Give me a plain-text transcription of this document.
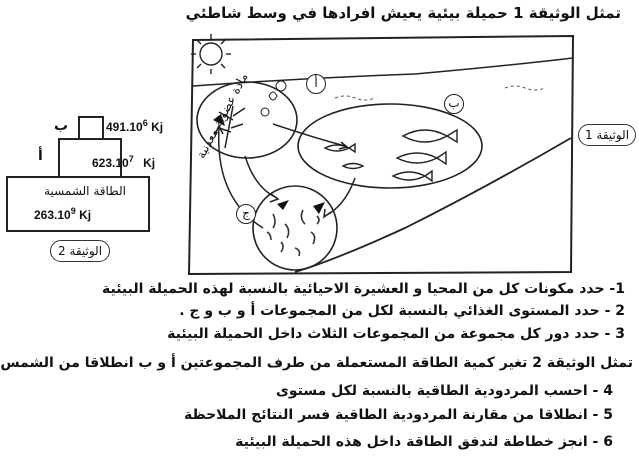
تمثل الوثيقة 1 حميلة بيئية يعيش افرادها في وسط شاطئي
أ
ب
ج
مادة عضوية معدنية	الوثيقة 1
ب	491.10$^6$ Kj
أ	623.10$^7$ Kj
الطاقة الشمسية
263.10$^9$ Kj
الوثيقة 2
1- حدد مكونات كل من المحيا و العشيرة الاحيائية بالنسبة لهذه الحميلة البيئية
2 - حدد المستوى الغذائي بالنسبة لكل من المجموعات أ و ب و ج .
3 - حدد دور كل مجموعة من المجموعات الثلاث داخل الحميلة البيئية
تمثل الوثيقة 2 تغير كمية الطاقة المستعملة من طرف المجموعتين أ و ب انطلاقا من الشمس
4 - احسب المردودية الطاقية بالنسبة لكل مستوى
5 - انطلاقا من مقارنة المردودية الطاقية فسر النتائج الملاحظة
6 - انجز خطاطة لتدفق الطاقة داخل هذه الحميلة البيئية
